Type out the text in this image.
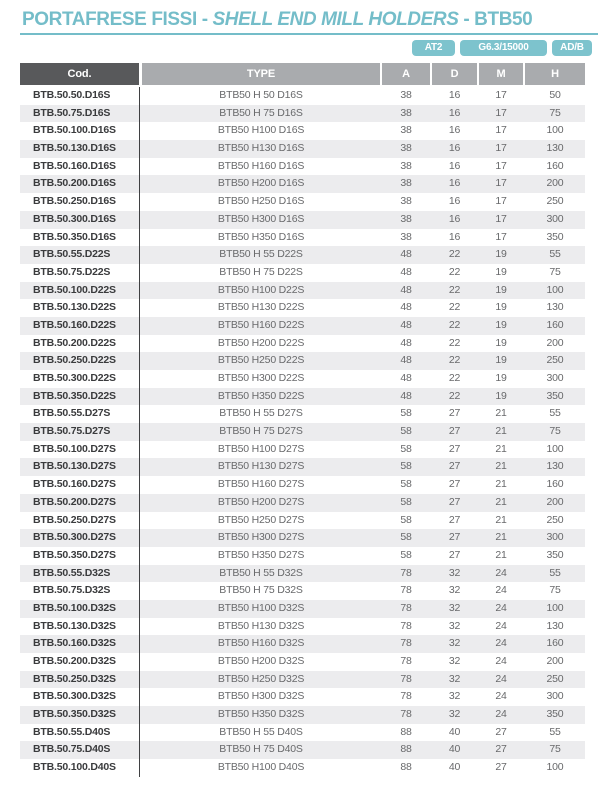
PORTAFRESE FISSI - SHELL END MILL HOLDERS - BTB50
AT2	G6.3/15000	AD/B
Cod.	TYPE	A	D	M	H
BTB.50.50.D16S	BTB50 H 50 D16S	38	16	17	50
BTB.50.75.D16S	BTB50 H 75 D16S	38	16	17	75
BTB.50.100.D16S	BTB50 H100 D16S	38	16	17	100
BTB.50.130.D16S	BTB50 H130 D16S	38	16	17	130
BTB.50.160.D16S	BTB50 H160 D16S	38	16	17	160
BTB.50.200.D16S	BTB50 H200 D16S	38	16	17	200
BTB.50.250.D16S	BTB50 H250 D16S	38	16	17	250
BTB.50.300.D16S	BTB50 H300 D16S	38	16	17	300
BTB.50.350.D16S	BTB50 H350 D16S	38	16	17	350
BTB.50.55.D22S	BTB50 H 55 D22S	48	22	19	55
BTB.50.75.D22S	BTB50 H 75 D22S	48	22	19	75
BTB.50.100.D22S	BTB50 H100 D22S	48	22	19	100
BTB.50.130.D22S	BTB50 H130 D22S	48	22	19	130
BTB.50.160.D22S	BTB50 H160 D22S	48	22	19	160
BTB.50.200.D22S	BTB50 H200 D22S	48	22	19	200
BTB.50.250.D22S	BTB50 H250 D22S	48	22	19	250
BTB.50.300.D22S	BTB50 H300 D22S	48	22	19	300
BTB.50.350.D22S	BTB50 H350 D22S	48	22	19	350
BTB.50.55.D27S	BTB50 H 55 D27S	58	27	21	55
BTB.50.75.D27S	BTB50 H 75 D27S	58	27	21	75
BTB.50.100.D27S	BTB50 H100 D27S	58	27	21	100
BTB.50.130.D27S	BTB50 H130 D27S	58	27	21	130
BTB.50.160.D27S	BTB50 H160 D27S	58	27	21	160
BTB.50.200.D27S	BTB50 H200 D27S	58	27	21	200
BTB.50.250.D27S	BTB50 H250 D27S	58	27	21	250
BTB.50.300.D27S	BTB50 H300 D27S	58	27	21	300
BTB.50.350.D27S	BTB50 H350 D27S	58	27	21	350
BTB.50.55.D32S	BTB50 H 55 D32S	78	32	24	55
BTB.50.75.D32S	BTB50 H 75 D32S	78	32	24	75
BTB.50.100.D32S	BTB50 H100 D32S	78	32	24	100
BTB.50.130.D32S	BTB50 H130 D32S	78	32	24	130
BTB.50.160.D32S	BTB50 H160 D32S	78	32	24	160
BTB.50.200.D32S	BTB50 H200 D32S	78	32	24	200
BTB.50.250.D32S	BTB50 H250 D32S	78	32	24	250
BTB.50.300.D32S	BTB50 H300 D32S	78	32	24	300
BTB.50.350.D32S	BTB50 H350 D32S	78	32	24	350
BTB.50.55.D40S	BTB50 H 55 D40S	88	40	27	55
BTB.50.75.D40S	BTB50 H 75 D40S	88	40	27	75
BTB.50.100.D40S	BTB50 H100 D40S	88	40	27	100
